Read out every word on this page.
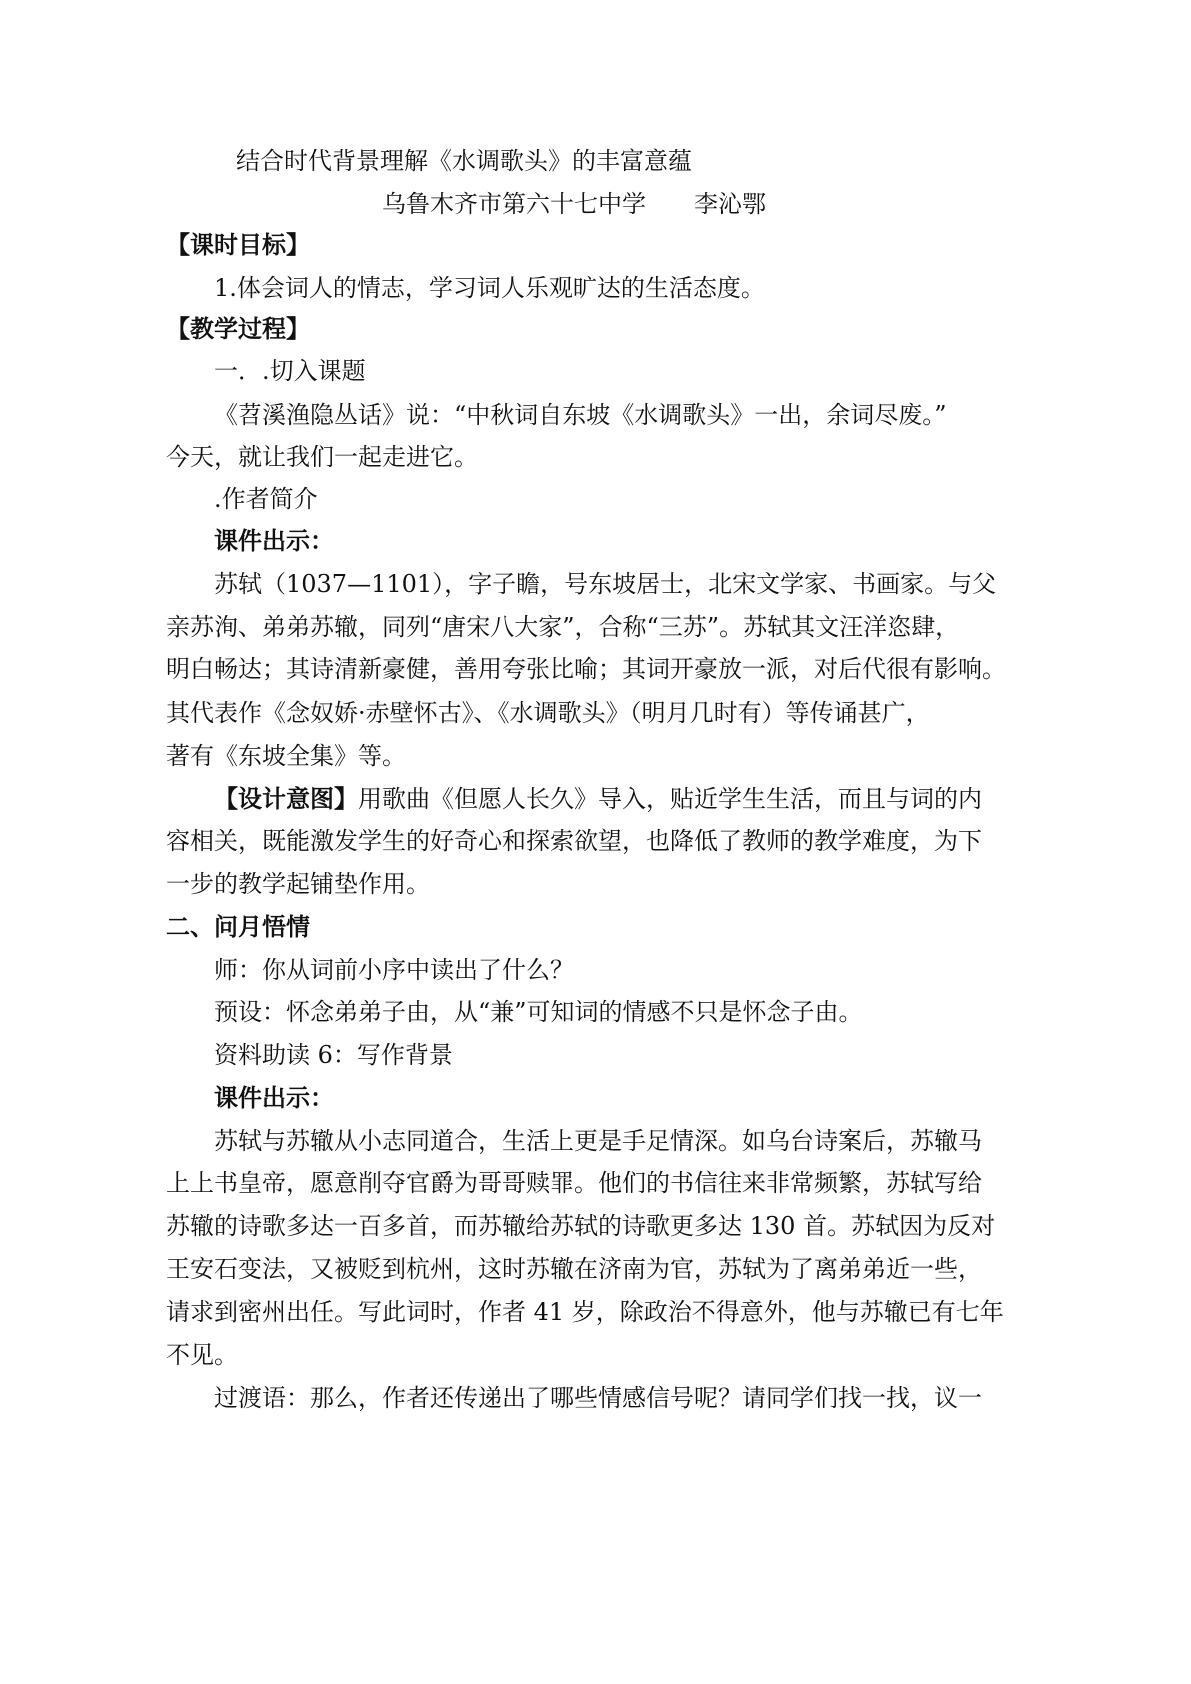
结合时代背景理解《水调歌头》的丰富意蕴
乌鲁木齐市第六十七中学　　李沁鄂
【课时目标】
1.体会词人的情志，学习词人乐观旷达的生活态度。
【教学过程】
一．.切入课题
《苕溪渔隐丛话》说：“中秋词自东坡《水调歌头》一出，余词尽废。”
今天，就让我们一起走进它。
.作者简介
课件出示：
苏轼（1037—1101），字子瞻，号东坡居士，北宋文学家、书画家。与父
亲苏洵、弟弟苏辙，同列“唐宋八大家”，合称“三苏”。苏轼其文汪洋恣肆，
明白畅达；其诗清新豪健，善用夸张比喻；其词开豪放一派，对后代很有影响。
其代表作《念奴娇·赤壁怀古》、《水调歌头》（明月几时有）等传诵甚广，
著有《东坡全集》等。
【设计意图】用歌曲《但愿人长久》导入，贴近学生生活，而且与词的内
容相关，既能激发学生的好奇心和探索欲望，也降低了教师的教学难度，为下
一步的教学起铺垫作用。
二、问月悟情
师：你从词前小序中读出了什么？
预设：怀念弟弟子由，从“兼”可知词的情感不只是怀念子由。
资料助读 6：写作背景
课件出示：
苏轼与苏辙从小志同道合，生活上更是手足情深。如乌台诗案后，苏辙马
上上书皇帝，愿意削夺官爵为哥哥赎罪。他们的书信往来非常频繁，苏轼写给
苏辙的诗歌多达一百多首，而苏辙给苏轼的诗歌更多达 130 首。苏轼因为反对
王安石变法，又被贬到杭州，这时苏辙在济南为官，苏轼为了离弟弟近一些，
请求到密州出任。写此词时，作者 41 岁，除政治不得意外，他与苏辙已有七年
不见。
过渡语：那么，作者还传递出了哪些情感信号呢？请同学们找一找，议一
